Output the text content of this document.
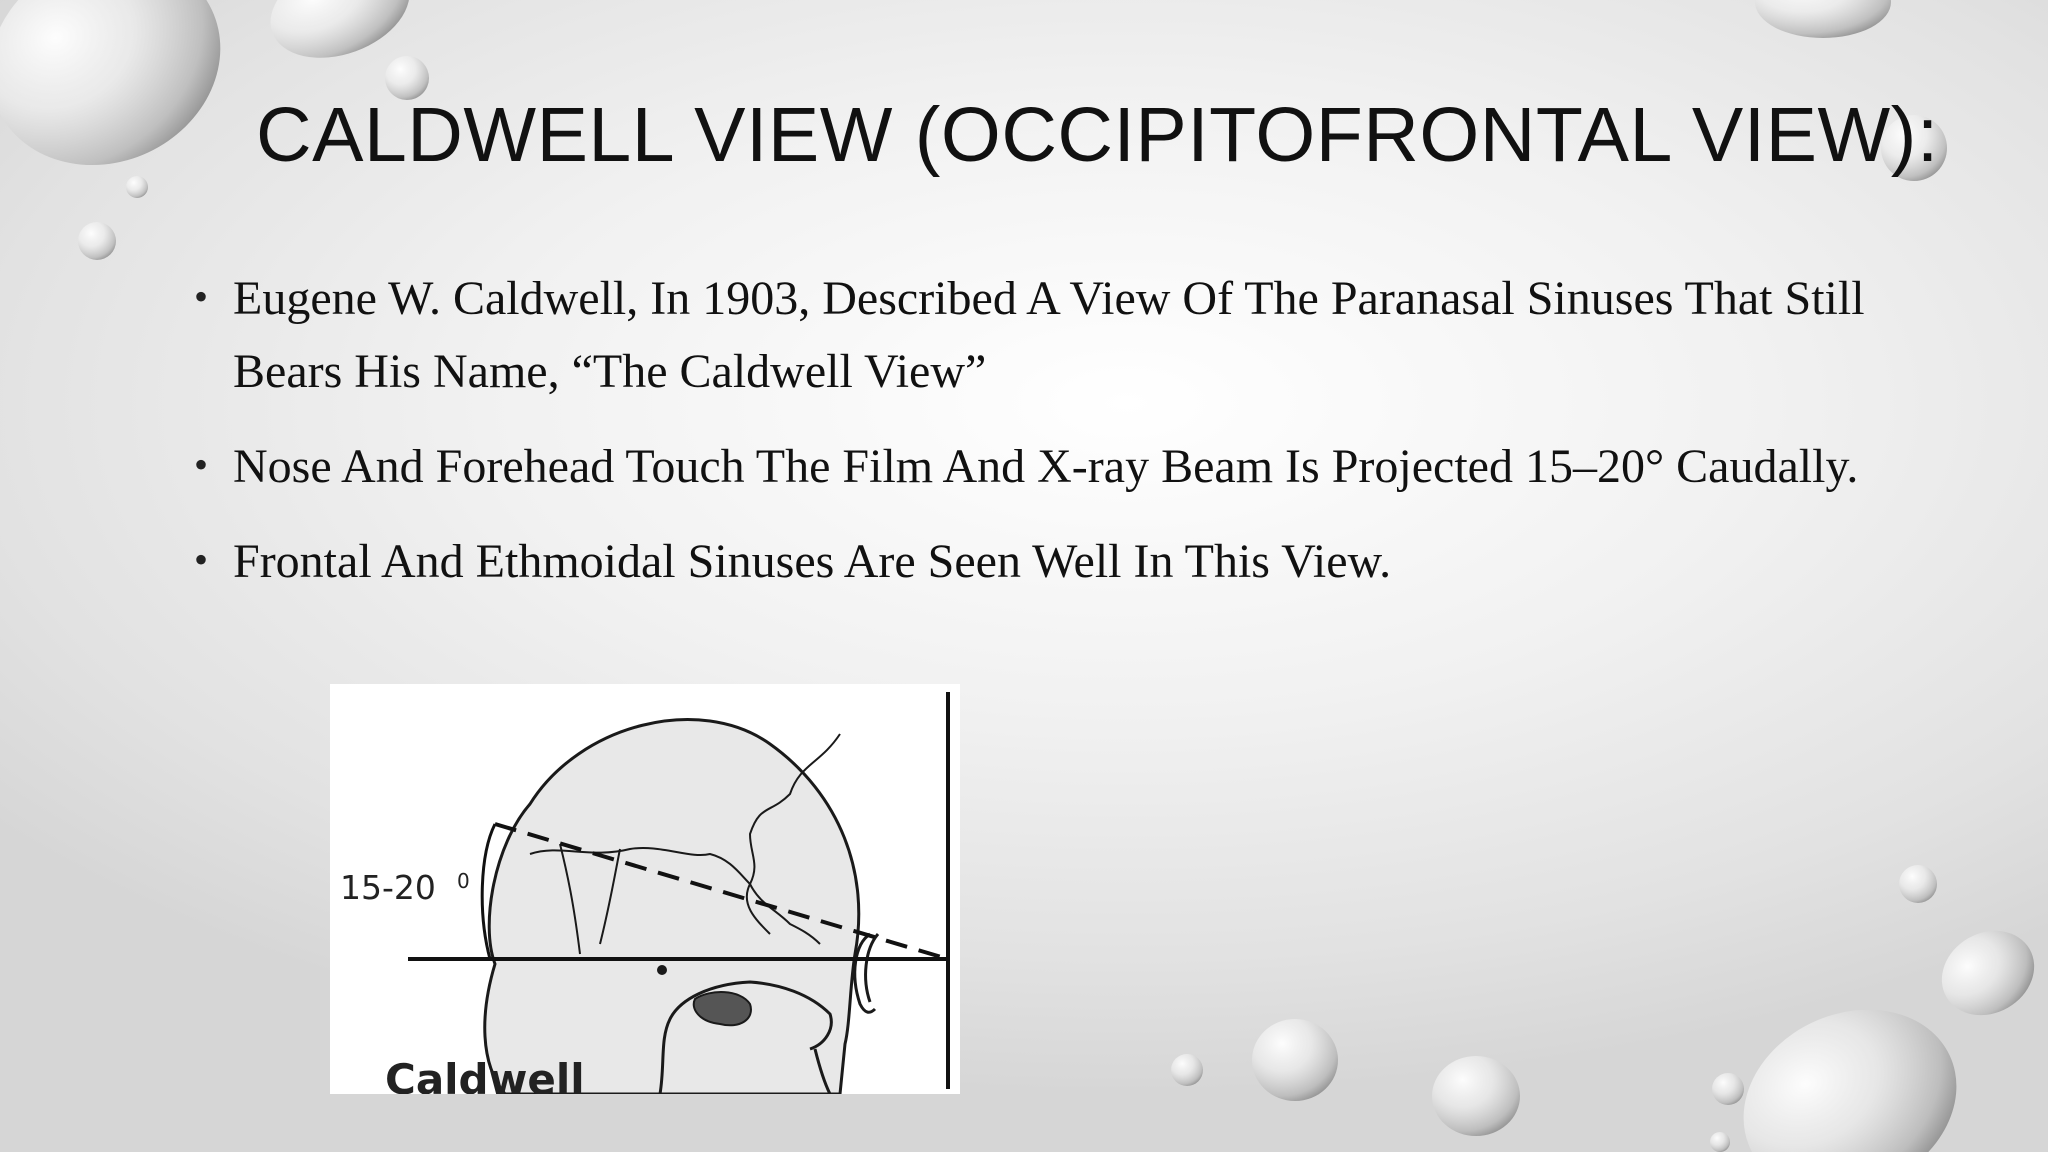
CALDWELL VIEW (OCCIPITOFRONTAL VIEW):
• Eugene W. Caldwell, In 1903, Described A View Of The Paranasal Sinuses That Still Bears His Name, “The Caldwell View”
• Nose And Forehead Touch The Film And X-ray Beam Is Projected 15–20° Caudally.
• Frontal And Ethmoidal Sinuses Are Seen Well In This View.
15-20 0
Caldwell
